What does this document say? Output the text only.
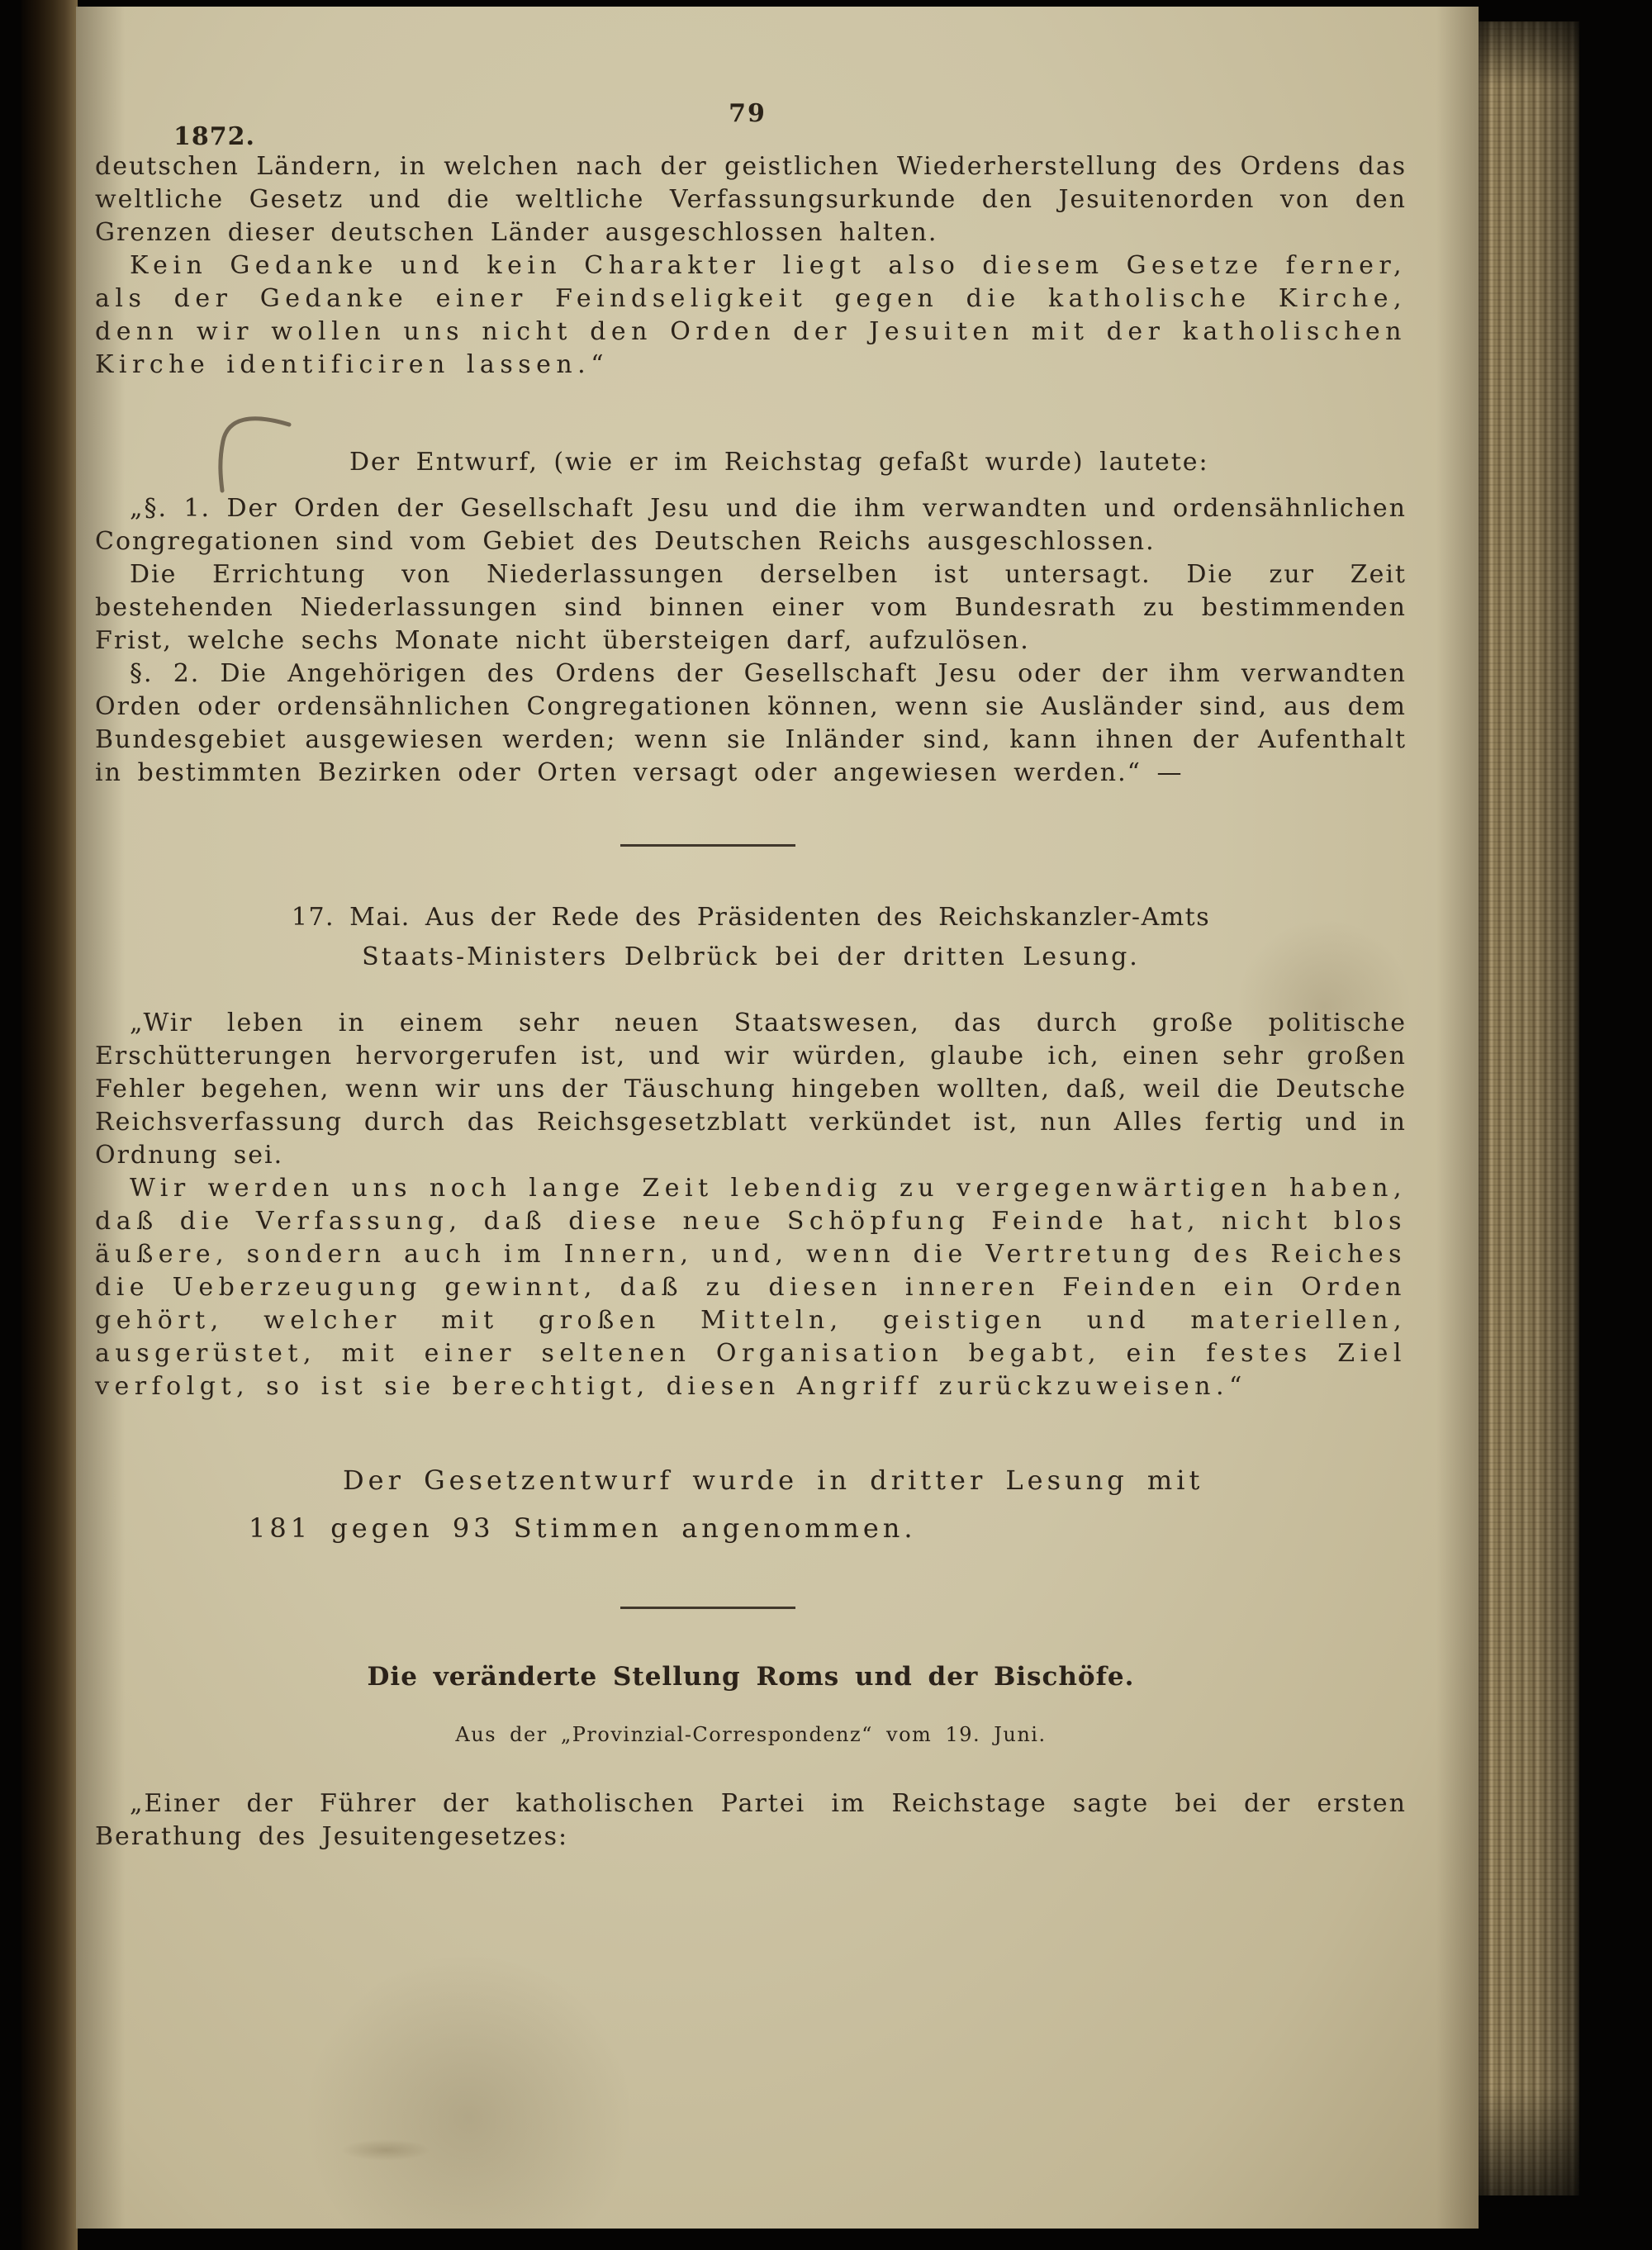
79
1872.

deutschen Ländern, in welchen nach der geistlichen Wiederherstellung des Ordens das weltliche Gesetz und die weltliche Verfassungsurkunde den Jesuitenorden von den Grenzen dieser deutschen Länder ausgeschlossen halten.

Kein Gedanke und kein Charakter liegt also diesem Gesetze ferner, als der Gedanke einer Feindseligkeit gegen die katholische Kirche, denn wir wollen uns nicht den Orden der Jesuiten mit der katholischen Kirche identificiren lassen.“

Der Entwurf, (wie er im Reichstag gefaßt wurde) lautete:

„§. 1. Der Orden der Gesellschaft Jesu und die ihm verwandten und ordensähnlichen Congregationen sind vom Gebiet des Deutschen Reichs ausgeschlossen.

Die Errichtung von Niederlassungen derselben ist untersagt. Die zur Zeit bestehenden Niederlassungen sind binnen einer vom Bundesrath zu bestimmenden Frist, welche sechs Monate nicht übersteigen darf, aufzulösen.

§. 2. Die Angehörigen des Ordens der Gesellschaft Jesu oder der ihm verwandten Orden oder ordensähnlichen Congregationen können, wenn sie Ausländer sind, aus dem Bundesgebiet ausgewiesen werden; wenn sie Inländer sind, kann ihnen der Aufenthalt in bestimmten Bezirken oder Orten versagt oder angewiesen werden.“ —

17. Mai. Aus der Rede des Präsidenten des Reichskanzler-Amts
Staats-Ministers Delbrück bei der dritten Lesung.

„Wir leben in einem sehr neuen Staatswesen, das durch große politische Erschütterungen hervorgerufen ist, und wir würden, glaube ich, einen sehr großen Fehler begehen, wenn wir uns der Täuschung hingeben wollten, daß, weil die Deutsche Reichsverfassung durch das Reichsgesetzblatt verkündet ist, nun Alles fertig und in Ordnung sei.

Wir werden uns noch lange Zeit lebendig zu vergegenwärtigen haben, daß die Verfassung, daß diese neue Schöpfung Feinde hat, nicht blos äußere, sondern auch im Innern, und, wenn die Vertretung des Reiches die Ueberzeugung gewinnt, daß zu diesen inneren Feinden ein Orden gehört, welcher mit großen Mitteln, geistigen und materiellen, ausgerüstet, mit einer seltenen Organisation begabt, ein festes Ziel verfolgt, so ist sie berechtigt, diesen Angriff zurückzuweisen.“

Der Gesetzentwurf wurde in dritter Lesung mit
181 gegen 93 Stimmen angenommen.

Die veränderte Stellung Roms und der Bischöfe.

Aus der „Provinzial-Correspondenz“ vom 19. Juni.

„Einer der Führer der katholischen Partei im Reichstage sagte bei der ersten Berathung des Jesuitengesetzes:
